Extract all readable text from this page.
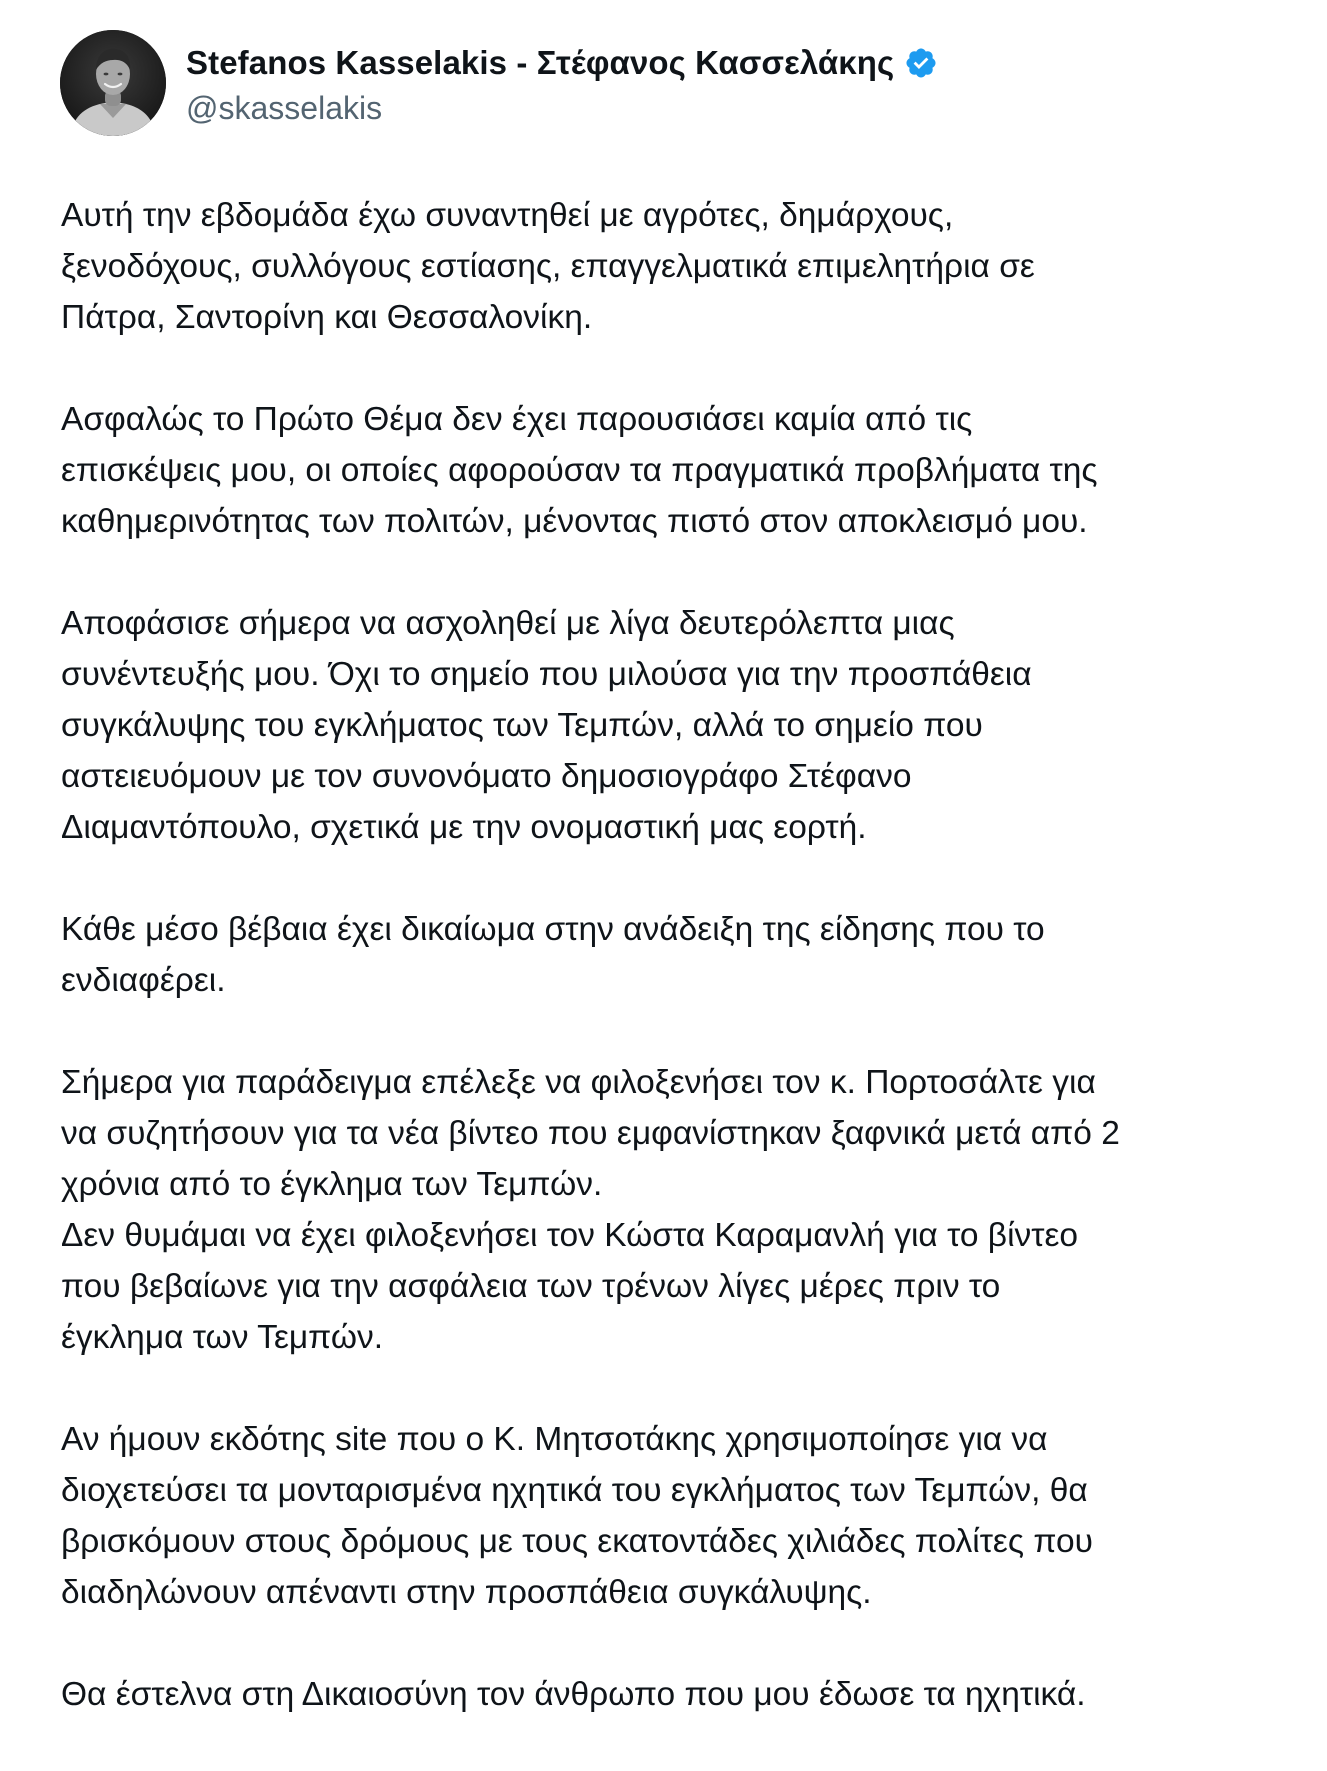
Stefanos Kasselakis - Στέφανος Κασσελάκης
@skasselakis
Αυτή την εβδομάδα έχω συναντηθεί με αγρότες, δημάρχους,
ξενοδόχους, συλλόγους εστίασης, επαγγελματικά επιμελητήρια σε
Πάτρα, Σαντορίνη και Θεσσαλονίκη.
Ασφαλώς το Πρώτο Θέμα δεν έχει παρουσιάσει καμία από τις
επισκέψεις μου, οι οποίες αφορούσαν τα πραγματικά προβλήματα της
καθημερινότητας των πολιτών, μένοντας πιστό στον αποκλεισμό μου.
Αποφάσισε σήμερα να ασχοληθεί με λίγα δευτερόλεπτα μιας
συνέντευξής μου. Όχι το σημείο που μιλούσα για την προσπάθεια
συγκάλυψης του εγκλήματος των Τεμπών, αλλά το σημείο που
αστειευόμουν με τον συνονόματο δημοσιογράφο Στέφανο
Διαμαντόπουλο, σχετικά με την ονομαστική μας εορτή.
Κάθε μέσο βέβαια έχει δικαίωμα στην ανάδειξη της είδησης που το
ενδιαφέρει.
Σήμερα για παράδειγμα επέλεξε να φιλοξενήσει τον κ. Πορτοσάλτε για
να συζητήσουν για τα νέα βίντεο που εμφανίστηκαν ξαφνικά μετά από 2
χρόνια από το έγκλημα των Τεμπών.
Δεν θυμάμαι να έχει φιλοξενήσει τον Κώστα Καραμανλή για το βίντεο
που βεβαίωνε για την ασφάλεια των τρένων λίγες μέρες πριν το
έγκλημα των Τεμπών.
Αν ήμουν εκδότης site που ο Κ. Μητσοτάκης χρησιμοποίησε για να
διοχετεύσει τα μονταρισμένα ηχητικά του εγκλήματος των Τεμπών, θα
βρισκόμουν στους δρόμους με τους εκατοντάδες χιλιάδες πολίτες που
διαδηλώνουν απέναντι στην προσπάθεια συγκάλυψης.
Θα έστελνα στη Δικαιοσύνη τον άνθρωπο που μου έδωσε τα ηχητικά.
